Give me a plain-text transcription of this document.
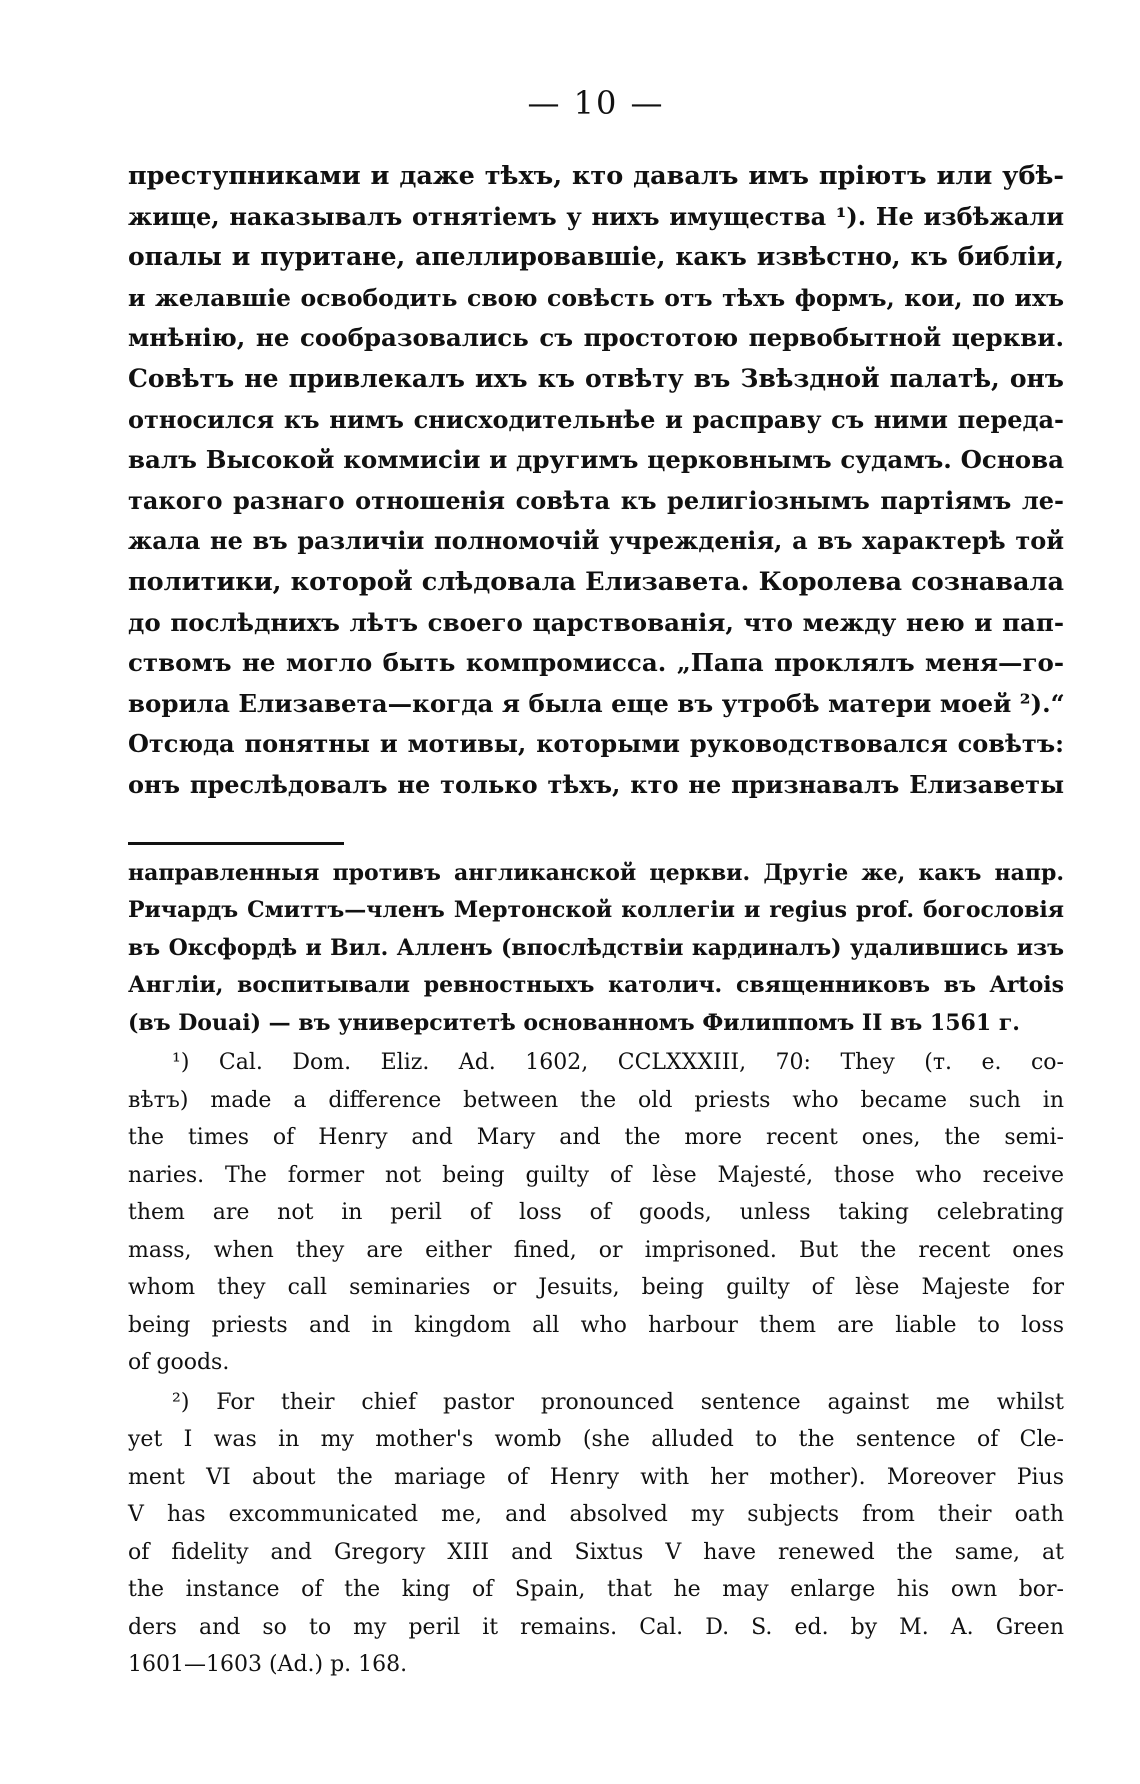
— 10 —
преступниками и даже тѣхъ, кто давалъ имъ пріютъ или убѣ-
жище, наказывалъ отнятіемъ у нихъ имущества ¹). Не избѣжали
опалы и пуритане, апеллировавшіе, какъ извѣстно, къ библіи,
и желавшіе освободить свою совѣсть отъ тѣхъ формъ, кои, по ихъ
мнѣнію, не сообразовались съ простотою первобытной церкви.
Совѣтъ не привлекалъ ихъ къ отвѣту въ Звѣздной палатѣ, онъ
относился къ нимъ снисходительнѣе и расправу съ ними переда-
валъ Высокой коммисіи и другимъ церковнымъ судамъ. Основа
такого разнаго отношенія совѣта къ религіознымъ партіямъ ле-
жала не въ различіи полномочій учрежденія, а въ характерѣ той
политики, которой слѣдовала Елизавета. Королева сознавала
до послѣднихъ лѣтъ своего царствованія, что между нею и пап-
ствомъ не могло быть компромисса. „Папа проклялъ меня—го-
ворила Елизавета—когда я была еще въ утробѣ матери моей ²).“
Отсюда понятны и мотивы, которыми руководствовался совѣтъ:
онъ преслѣдовалъ не только тѣхъ, кто не признавалъ Елизаветы
направленныя противъ англиканской церкви. Другіе же, какъ напр.
Ричардъ Смиттъ—членъ Мертонской коллегіи и regius prof. богословія
въ Оксфордѣ и Вил. Алленъ (впослѣдствіи кардиналъ) удалившись изъ
Англіи, воспитывали ревностныхъ католич. священниковъ въ Artois
(въ Douai) — въ университетѣ основанномъ Филиппомъ II въ 1561 г.
¹) Cal. Dom. Eliz. Ad. 1602, CCLXXXIII, 70: They (т. е. со-
вѣтъ) made a difference between the old priests who became such in
the times of Henry and Mary and the more recent ones, the semi-
naries. The former not being guilty of lèse Majesté, those who receive
them are not in peril of loss of goods, unless taking celebrating
mass, when they are either fined, or imprisoned. But the recent ones
whom they call seminaries or Jesuits, being guilty of lèse Majeste for
being priests and in kingdom all who harbour them are liable to loss
of goods.
²) For their chief pastor pronounced sentence against me whilst
yet I was in my mother's womb (she alluded to the sentence of Cle-
ment VI about the mariage of Henry with her mother). Moreover Pius
V has excommunicated me, and absolved my subjects from their oath
of fidelity and Gregory XIII and Sixtus V have renewed the same, at
the instance of the king of Spain, that he may enlarge his own bor-
ders and so to my peril it remains. Cal. D. S. ed. by M. A. Green
1601—1603 (Ad.) p. 168.
